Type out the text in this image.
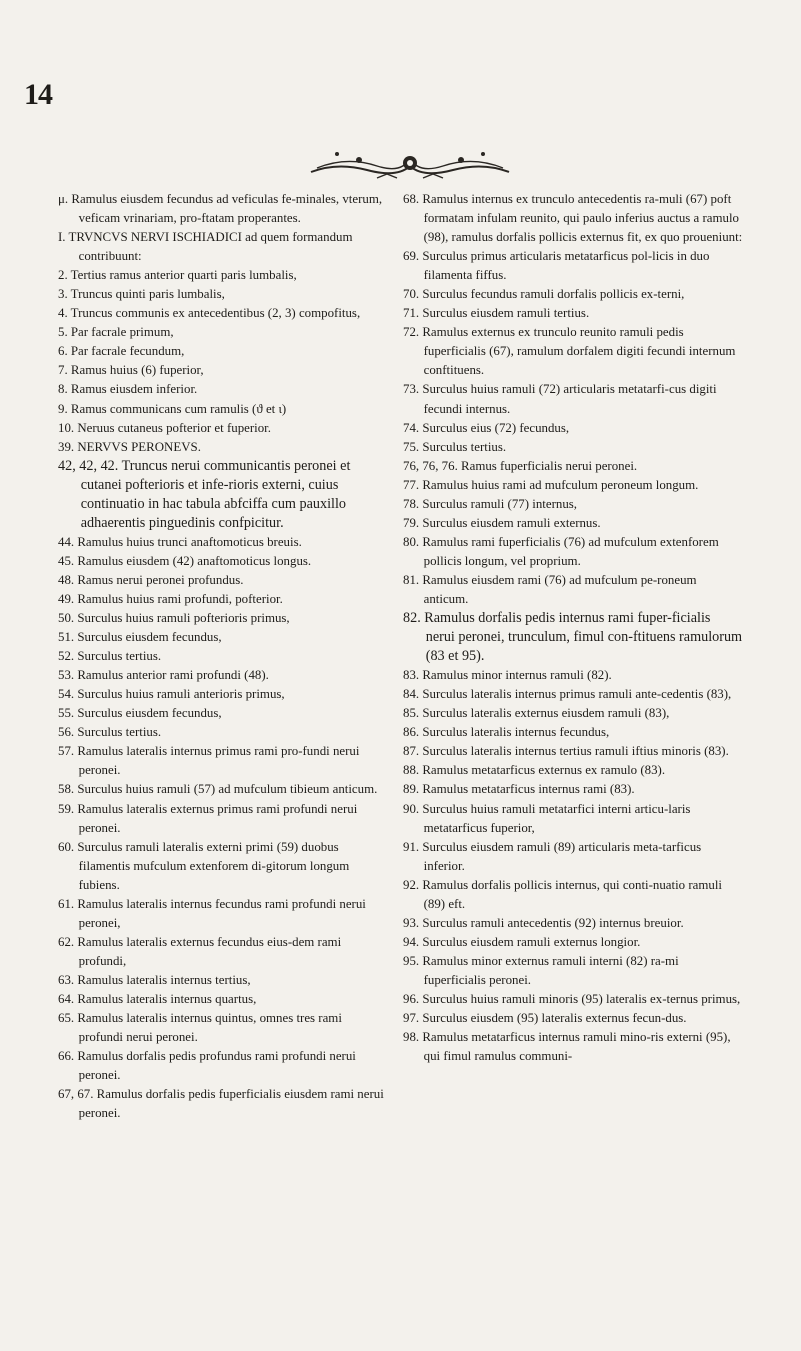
14

μ. Ramulus eiusdem fecundus ad veficulas fe-minales, vterum, veficam vrinariam, pro-ftatam properantes.

I. TRVNCVS NERVI ISCHIADICI ad quem formandum contribuunt:

2. Tertius ramus anterior quarti paris lumbalis,

3. Truncus quinti paris lumbalis,

4. Truncus communis ex antecedentibus (2, 3) compofitus,

5. Par facrale primum,

6. Par facrale fecundum,

7. Ramus huius (6) fuperior,

8. Ramus eiusdem inferior.

9. Ramus communicans cum ramulis (ϑ et ι)

10. Neruus cutaneus pofterior et fuperior.

39. NERVVS PERONEVS.

42, 42, 42. Truncus nerui communicantis peronei et cutanei pofterioris et infe-rioris externi, cuius continuatio in hac tabula abfciffa cum pauxillo adhaerentis pinguedinis confpicitur.

44. Ramulus huius trunci anaftomoticus breuis.

45. Ramulus eiusdem (42) anaftomoticus longus.

48. Ramus nerui peronei profundus.

49. Ramulus huius rami profundi, pofterior.

50. Surculus huius ramuli pofterioris primus,

51. Surculus eiusdem fecundus,

52. Surculus tertius.

53. Ramulus anterior rami profundi (48).

54. Surculus huius ramuli anterioris primus,

55. Surculus eiusdem fecundus,

56. Surculus tertius.

57. Ramulus lateralis internus primus rami pro-fundi nerui peronei.

58. Surculus huius ramuli (57) ad mufculum tibieum anticum.

59. Ramulus lateralis externus primus rami profundi nerui peronei.

60. Surculus ramuli lateralis externi primi (59) duobus filamentis mufculum extenforem di-gitorum longum fubiens.

61. Ramulus lateralis internus fecundus rami profundi nerui peronei,

62. Ramulus lateralis externus fecundus eius-dem rami profundi,

63. Ramulus lateralis internus tertius,

64. Ramulus lateralis internus quartus,

65. Ramulus lateralis internus quintus, omnes tres rami profundi nerui peronei.

66. Ramulus dorfalis pedis profundus rami profundi nerui peronei.

67, 67. Ramulus dorfalis pedis fuperficialis eiusdem rami nerui peronei.

68. Ramulus internus ex trunculo antecedentis ra-muli (67) poft formatam infulam reunito, qui paulo inferius auctus a ramulo (98), ramulus dorfalis pollicis externus fit, ex quo proueniunt:

69. Surculus primus articularis metatarficus pol-licis in duo filamenta fiffus.

70. Surculus fecundus ramuli dorfalis pollicis ex-terni,

71. Surculus eiusdem ramuli tertius.

72. Ramulus externus ex trunculo reunito ramuli pedis fuperficialis (67), ramulum dorfalem digiti fecundi internum conftituens.

73. Surculus huius ramuli (72) articularis metatarfi-cus digiti fecundi internus.

74. Surculus eius (72) fecundus,

75. Surculus tertius.

76, 76, 76. Ramus fuperficialis nerui peronei.

77. Ramulus huius rami ad mufculum peroneum longum.

78. Surculus ramuli (77) internus,

79. Surculus eiusdem ramuli externus.

80. Ramulus rami fuperficialis (76) ad mufculum extenforem pollicis longum, vel proprium.

81. Ramulus eiusdem rami (76) ad mufculum pe-roneum anticum.

82. Ramulus dorfalis pedis internus rami fuper-ficialis nerui peronei, trunculum, fimul con-ftituens ramulorum (83 et 95).

83. Ramulus minor internus ramuli (82).

84. Surculus lateralis internus primus ramuli ante-cedentis (83),

85. Surculus lateralis externus eiusdem ramuli (83),

86. Surculus lateralis internus fecundus,

87. Surculus lateralis internus tertius ramuli iftius minoris (83).

88. Ramulus metatarficus externus ex ramulo (83).

89. Ramulus metatarficus internus rami (83).

90. Surculus huius ramuli metatarfici interni articu-laris metatarficus fuperior,

91. Surculus eiusdem ramuli (89) articularis meta-tarficus inferior.

92. Ramulus dorfalis pollicis internus, qui conti-nuatio ramuli (89) eft.

93. Surculus ramuli antecedentis (92) internus breuior.

94. Surculus eiusdem ramuli externus longior.

95. Ramulus minor externus ramuli interni (82) ra-mi fuperficialis peronei.

96. Surculus huius ramuli minoris (95) lateralis ex-ternus primus,

97. Surculus eiusdem (95) lateralis externus fecun-dus.

98. Ramulus metatarficus internus ramuli mino-ris externi (95), qui fimul ramulus communi-
